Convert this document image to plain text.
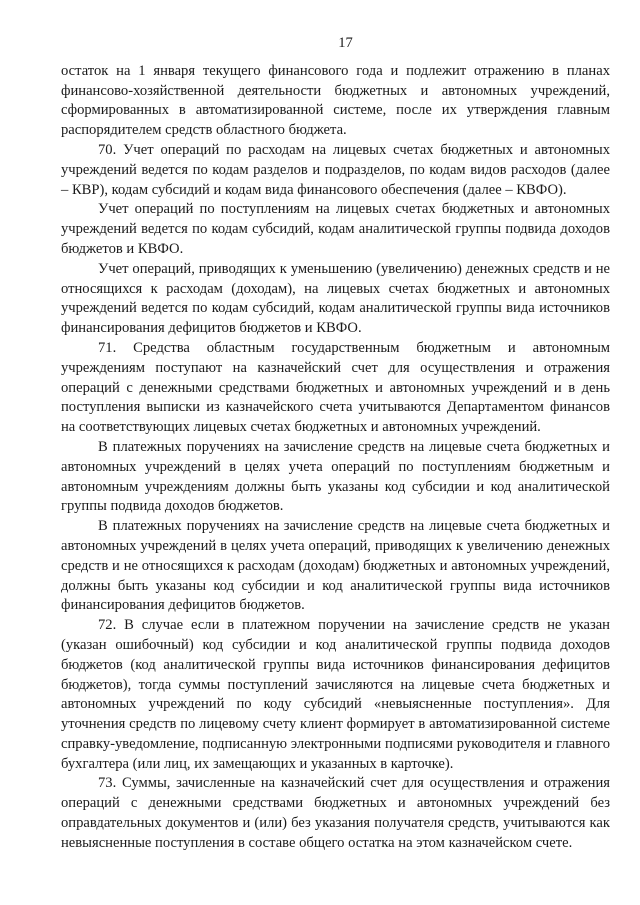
17

остаток на 1 января текущего финансового года и подлежит отражению в планах финансово-хозяйственной деятельности бюджетных и автономных учреждений, сформированных в автоматизированной системе, после их утверждения главным распорядителем средств областного бюджета.

70. Учет операций по расходам на лицевых счетах бюджетных и автономных учреждений ведется по кодам разделов и подразделов, по кодам видов расходов (далее – КВР), кодам субсидий и кодам вида финансового обеспечения (далее – КВФО).

Учет операций по поступлениям на лицевых счетах бюджетных и автономных учреждений ведется по кодам субсидий, кодам аналитической группы подвида доходов бюджетов и КВФО.

Учет операций, приводящих к уменьшению (увеличению) денежных средств и не относящихся к расходам (доходам), на лицевых счетах бюджетных и автономных учреждений ведется по кодам субсидий, кодам аналитической группы вида источников финансирования дефицитов бюджетов и КВФО.

71. Средства областным государственным бюджетным и автономным учреждениям поступают на казначейский счет для осуществления и отражения операций с денежными средствами бюджетных и автономных учреждений и в день поступления выписки из казначейского счета учитываются Департаментом финансов на соответствующих лицевых счетах бюджетных и автономных учреждений.

В платежных поручениях на зачисление средств на лицевые счета бюджетных и автономных учреждений в целях учета операций по поступлениям бюджетным и автономным учреждениям должны быть указаны код субсидии и код аналитической группы подвида доходов бюджетов.

В платежных поручениях на зачисление средств на лицевые счета бюджетных и автономных учреждений в целях учета операций, приводящих к увеличению денежных средств и не относящихся к расходам (доходам) бюджетных и автономных учреждений, должны быть указаны код субсидии и код аналитической группы вида источников финансирования дефицитов бюджетов.

72. В случае если в платежном поручении на зачисление средств не указан (указан ошибочный) код субсидии и код аналитической группы подвида доходов бюджетов (код аналитической группы вида источников финансирования дефицитов бюджетов), тогда суммы поступлений зачисляются на лицевые счета бюджетных и автономных учреждений по коду субсидий «невыясненные поступления». Для уточнения средств по лицевому счету клиент формирует в автоматизированной системе справку-уведомление, подписанную электронными подписями руководителя и главного бухгалтера (или лиц, их замещающих и указанных в карточке).

73. Суммы, зачисленные на казначейский счет для осуществления и отражения операций с денежными средствами бюджетных и автономных учреждений без оправдательных документов и (или) без указания получателя средств, учитываются как невыясненные поступления в составе общего остатка на этом казначейском счете.
